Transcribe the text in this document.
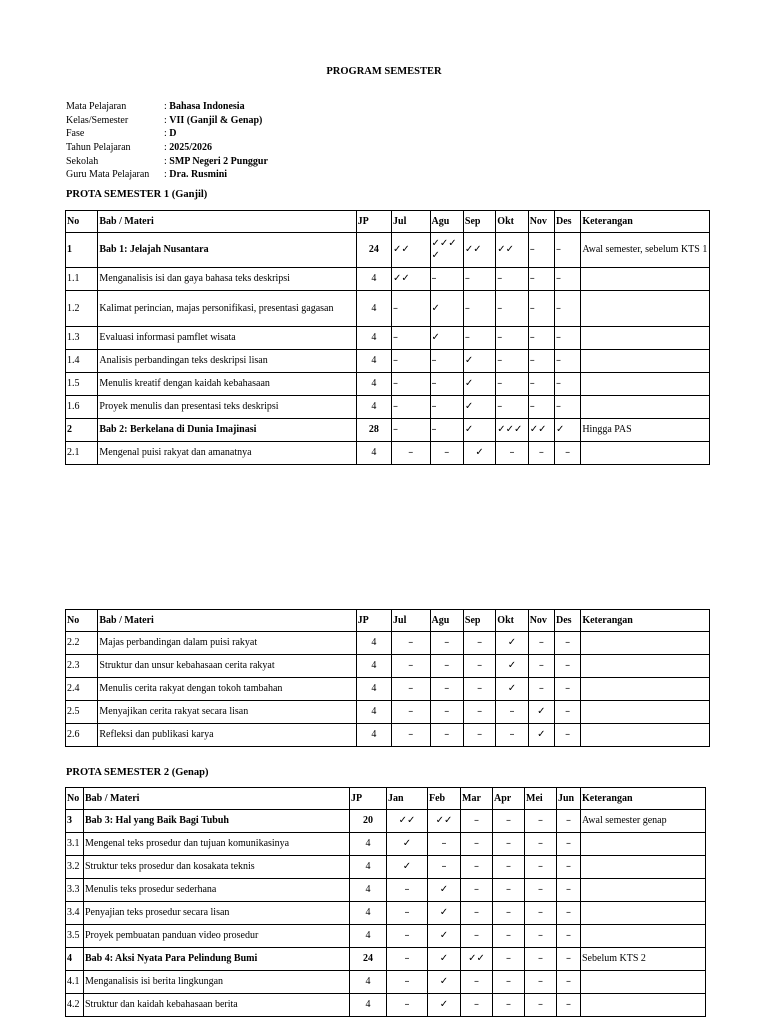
PROGRAM SEMESTER
Mata Pelajaran	: Bahasa Indonesia
Kelas/Semester	: VII (Ganjil & Genap)
Fase	: D
Tahun Pelajaran	: 2025/2026
Sekolah	: SMP Negeri 2 Punggur
Guru Mata Pelajaran	: Dra. Rusmini
PROTA SEMESTER 1 (Ganjil)
No	Bab / Materi	JP	Jul	Agu	Sep	Okt	Nov	Des	Keterangan
1	Bab 1: Jelajah Nusantara	24	✓✓	✓✓✓ ✓	✓✓	✓✓	–	–	Awal semester, sebelum KTS 1
1.1	Menganalisis isi dan gaya bahasa teks deskripsi	4	✓✓	–	–	–	–	–	
1.2	Kalimat perincian, majas personifikasi, presentasi gagasan	4	–	✓	–	–	–	–	
1.3	Evaluasi informasi pamflet wisata	4	–	✓	–	–	–	–	
1.4	Analisis perbandingan teks deskripsi lisan	4	–	–	✓	–	–	–	
1.5	Menulis kreatif dengan kaidah kebahasaan	4	–	–	✓	–	–	–	
1.6	Proyek menulis dan presentasi teks deskripsi	4	–	–	✓	–	–	–	
2	Bab 2: Berkelana di Dunia Imajinasi	28	–	–	✓	✓✓✓	✓✓	✓	Hingga PAS
2.1	Mengenal puisi rakyat dan amanatnya	4	–	–	✓	–	–	–	
No	Bab / Materi	JP	Jul	Agu	Sep	Okt	Nov	Des	Keterangan
2.2	Majas perbandingan dalam puisi rakyat	4	–	–	–	✓	–	–	
2.3	Struktur dan unsur kebahasaan cerita rakyat	4	–	–	–	✓	–	–	
2.4	Menulis cerita rakyat dengan tokoh tambahan	4	–	–	–	✓	–	–	
2.5	Menyajikan cerita rakyat secara lisan	4	–	–	–	–	✓	–	
2.6	Refleksi dan publikasi karya	4	–	–	–	–	✓	–	
PROTA SEMESTER 2 (Genap)
No	Bab / Materi	JP	Jan	Feb	Mar	Apr	Mei	Jun	Keterangan
3	Bab 3: Hal yang Baik Bagi Tubuh	20	✓✓	✓✓	–	–	–	–	Awal semester genap
3.1	Mengenal teks prosedur dan tujuan komunikasinya	4	✓	–	–	–	–	–	
3.2	Struktur teks prosedur dan kosakata teknis	4	✓	–	–	–	–	–	
3.3	Menulis teks prosedur sederhana	4	–	✓	–	–	–	–	
3.4	Penyajian teks prosedur secara lisan	4	–	✓	–	–	–	–	
3.5	Proyek pembuatan panduan video prosedur	4	–	✓	–	–	–	–	
4	Bab 4: Aksi Nyata Para Pelindung Bumi	24	–	✓	✓✓	–	–	–	Sebelum KTS 2
4.1	Menganalisis isi berita lingkungan	4	–	✓	–	–	–	–	
4.2	Struktur dan kaidah kebahasaan berita	4	–	✓	–	–	–	–	
